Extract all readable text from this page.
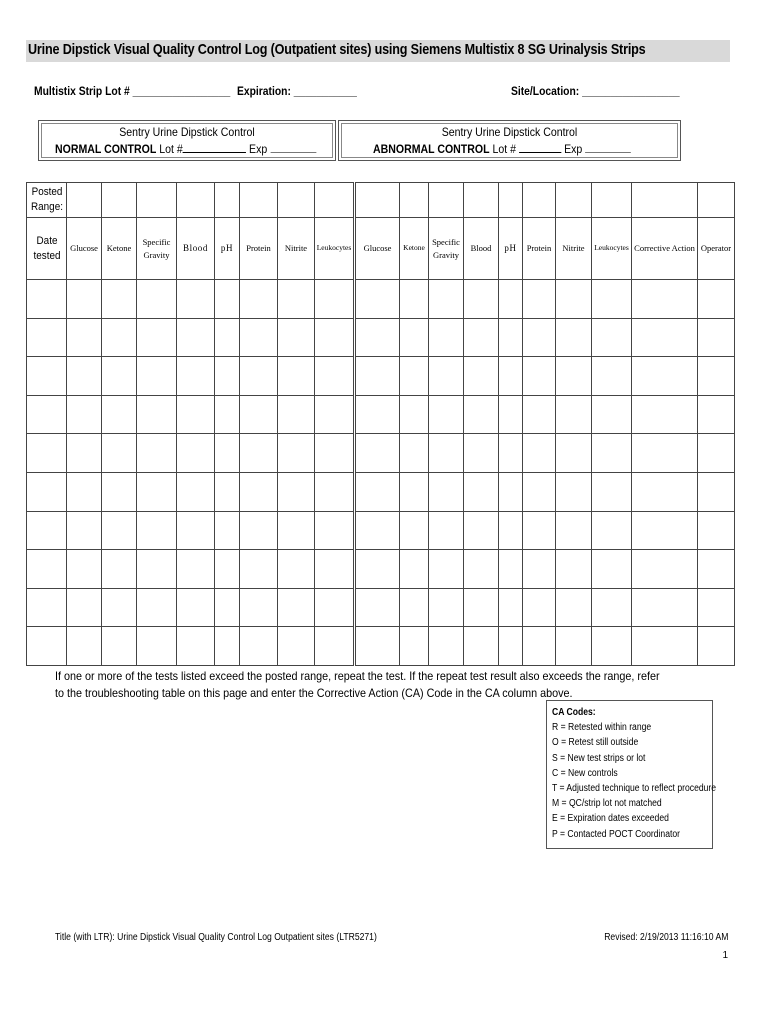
Urine Dipstick Visual Quality Control Log (Outpatient sites) using Siemens Multistix 8 SG Urinalysis Strips
Multistix Strip Lot # _________________ Expiration: ___________	Site/Location: _________________
Sentry Urine Dipstick Control
NORMAL CONTROL Lot #	Exp
Sentry Urine Dipstick Control
ABNORMAL CONTROL Lot #	Exp
Posted Range:																		
Date tested	Glucose	Ketone	Specific Gravity	Blood	pH	Protein	Nitrite	Leukocytes	Glucose	Ketone	Specific Gravity	Blood	pH	Protein	Nitrite	Leukocytes	Corrective Action	Operator

If one or more of the tests listed exceed the posted range, repeat the test. If the repeat test result also exceeds the range, refer to the troubleshooting table on this page and enter the Corrective Action (CA) Code in the CA column above.
CA Codes:
R = Retested within range
O = Retest still outside
S = New test strips or lot
C = New controls
T = Adjusted technique to reflect procedure
M = QC/strip lot not matched
E = Expiration dates exceeded
P = Contacted POCT Coordinator
Title (with LTR): Urine Dipstick Visual Quality Control Log Outpatient sites (LTR5271)	Revised: 2/19/2013 11:16:10 AM
1
